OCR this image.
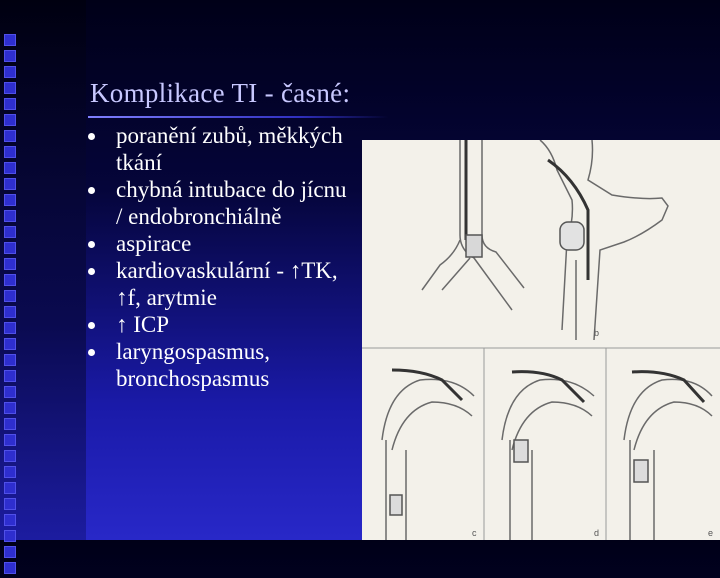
Komplikace TI - časné:
poranění zubů, měkkých tkání
chybná intubace do jícnu / endobronchiálně
aspirace
kardiovaskulární - ↑TK, ↑f, arytmie
↑ ICP
laryngospasmus, bronchospasmus
b
c	d	e
